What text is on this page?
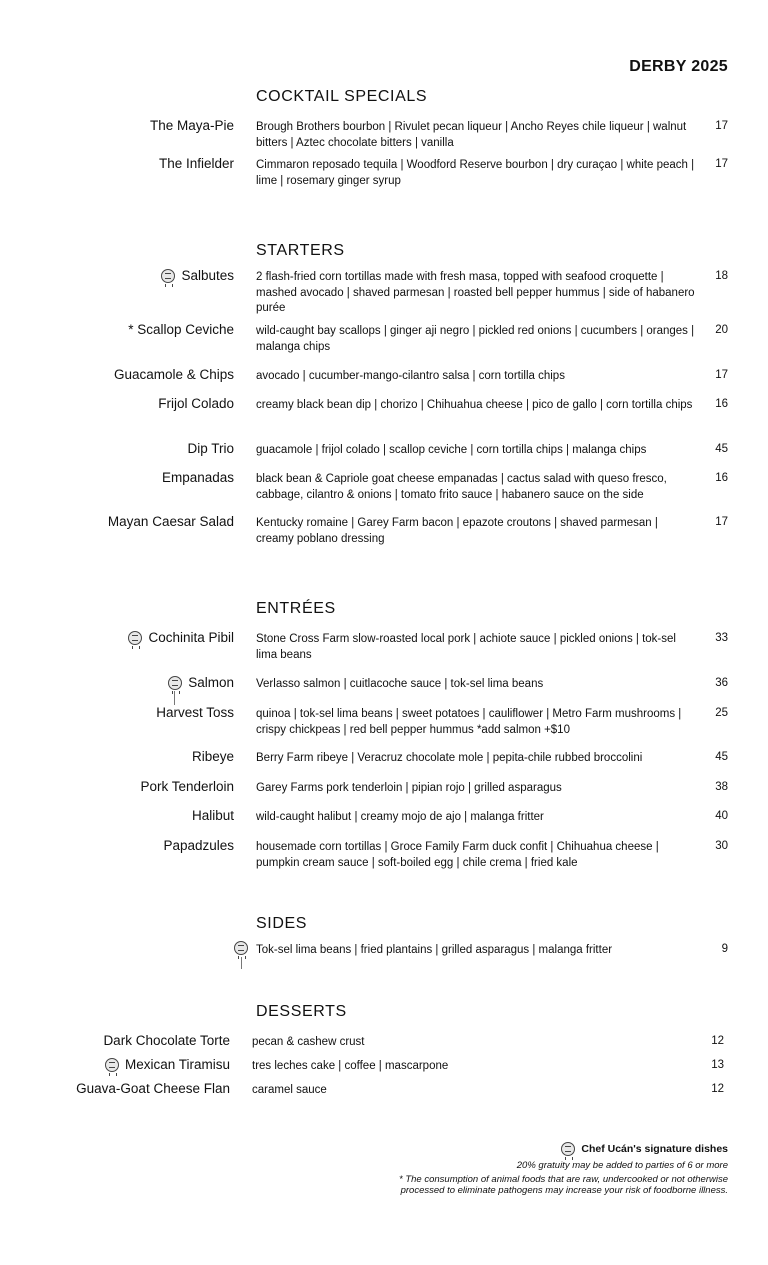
DERBY 2025
COCKTAIL SPECIALS
The Maya-Pie Brough Brothers bourbon | Rivulet pecan liqueur | Ancho Reyes chile liqueur | walnut bitters | Aztec chocolate bitters | vanilla
17
The Infielder Cimmaron reposado tequila | Woodford Reserve bourbon | dry curaçao | white peach | lime | rosemary ginger syrup
17
STARTERS
Salbutes 2 flash-fried corn tortillas made with fresh masa, topped with seafood croquette | mashed avocado | shaved parmesan | roasted bell pepper hummus | side of habanero purée
18
* Scallop Ceviche wild-caught bay scallops | ginger aji negro | pickled red onions | cucumbers | oranges | malanga chips
20
Guacamole & Chips avocado | cucumber-mango-cilantro salsa | corn tortilla chips	17
Frijol Colado creamy black bean dip | chorizo | Chihuahua cheese | pico de gallo | corn tortilla chips	16
Dip Trio guacamole | frijol colado | scallop ceviche | corn tortilla chips | malanga chips	45
Empanadas black bean & Capriole goat cheese empanadas | cactus salad with queso fresco, cabbage, cilantro & onions | tomato frito sauce | habanero sauce on the side
16
Mayan Caesar Salad Kentucky romaine | Garey Farm bacon | epazote croutons | shaved parmesan | creamy poblano dressing
17
ENTRÉES
Cochinita Pibil Stone Cross Farm slow-roasted local pork | achiote sauce | pickled onions | tok-sel lima beans
33
Salmon Verlasso salmon | cuitlacoche sauce | tok-sel lima beans	36
Harvest Toss quinoa | tok-sel lima beans | sweet potatoes | cauliflower | Metro Farm mushrooms | crispy chickpeas | red bell pepper hummus *add salmon +$10
25
Ribeye Berry Farm ribeye | Veracruz chocolate mole | pepita-chile rubbed broccolini	45
Pork Tenderloin Garey Farms pork tenderloin | pipian rojo | grilled asparagus	38
Halibut wild-caught halibut | creamy mojo de ajo | malanga fritter	40
Papadzules housemade corn tortillas | Groce Family Farm duck confit | Chihuahua cheese | pumpkin cream sauce | soft-boiled egg | chile crema | fried kale
30
SIDES
Tok-sel lima beans | fried plantains | grilled asparagus | malanga fritter	9
DESSERTS
Dark Chocolate Torte pecan & cashew crust	12
Mexican Tiramisu tres leches cake | coffee | mascarpone	13
Guava-Goat Cheese Flan caramel sauce	12
Chef Ucán's signature dishes
20% gratuity may be added to parties of 6 or more
* The consumption of animal foods that are raw, undercooked or not otherwise
processed to eliminate pathogens may increase your risk of foodborne illness.
